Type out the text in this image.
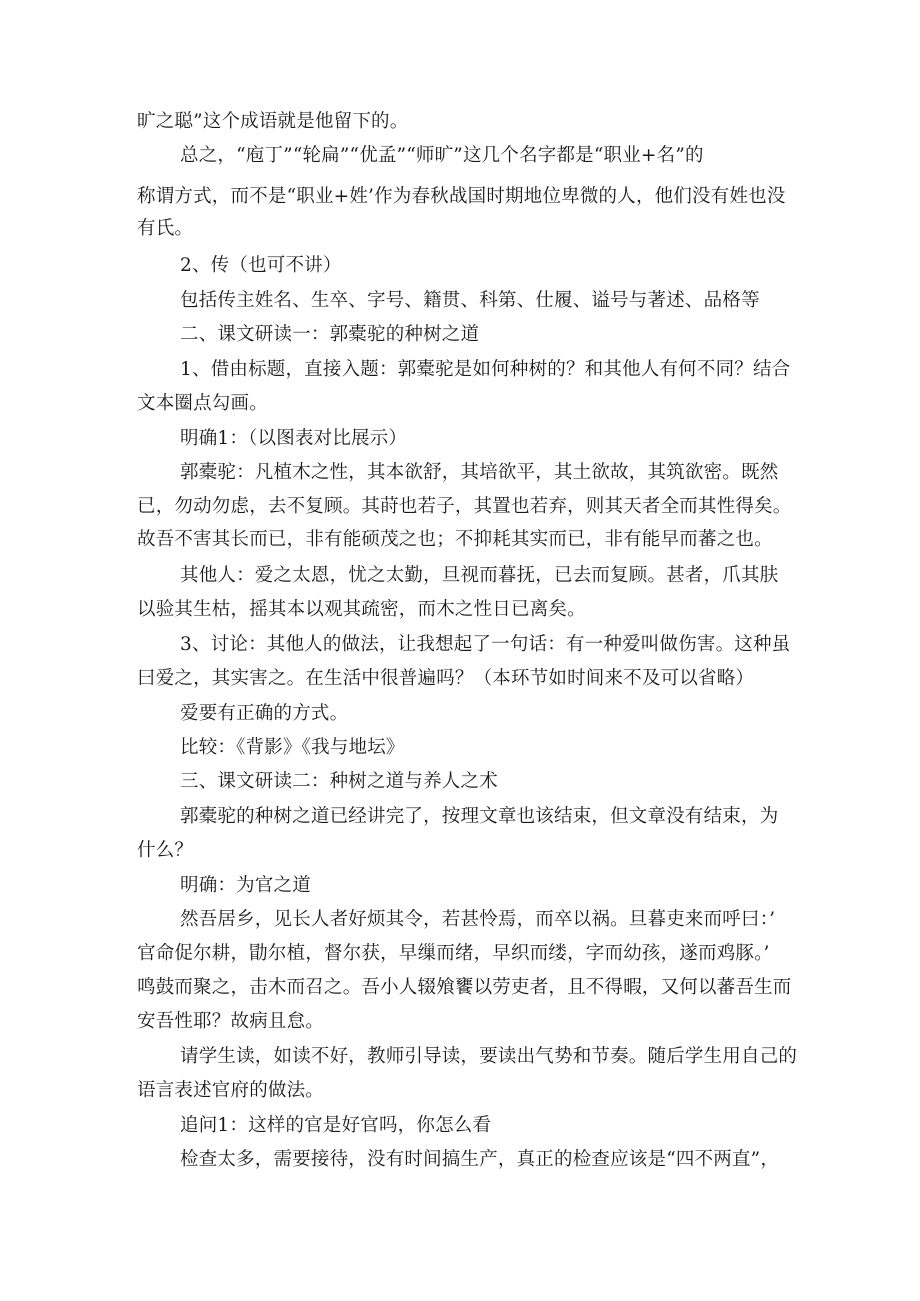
旷之聪”这个成语就是他留下的。
总之，“庖丁”“轮扁”“优孟”“师旷”这几个名字都是“职业+名”的
称谓方式，而不是“职业+姓’作为春秋战国时期地位卑微的人，他们没有姓也没
有氏。
2、传（也可不讲）
包括传主姓名、生卒、字号、籍贯、科第、仕履、谥号与著述、品格等
二、课文研读一：郭橐驼的种树之道
1、借由标题，直接入题：郭橐驼是如何种树的？和其他人有何不同？结合
文本圈点勾画。
明确1：（以图表对比展示）
郭橐驼：凡植木之性，其本欲舒，其培欲平，其土欲故，其筑欲密。既然
已，勿动勿虑，去不复顾。其莳也若子，其置也若弃，则其天者全而其性得矣。
故吾不害其长而已，非有能硕茂之也；不抑耗其实而已，非有能早而蕃之也。
其他人：爱之太恩，忧之太勤，旦视而暮抚，已去而复顾。甚者，爪其肤
以验其生枯，摇其本以观其疏密，而木之性日已离矣。
3、讨论：其他人的做法，让我想起了一句话：有一种爱叫做伤害。这种虽
曰爱之，其实害之。在生活中很普遍吗？（本环节如时间来不及可以省略）
爱要有正确的方式。
比较：《背影》《我与地坛》
三、课文研读二：种树之道与养人之术
郭橐驼的种树之道已经讲完了，按理文章也该结束，但文章没有结束，为
什么？
明确：为官之道
然吾居乡，见长人者好烦其令，若甚怜焉，而卒以祸。旦暮吏来而呼曰：’
官命促尔耕，勖尔植，督尔获，早缫而绪，早织而缕，字而幼孩，遂而鸡豚。’
鸣鼓而聚之，击木而召之。吾小人辍飧饔以劳吏者，且不得暇，又何以蕃吾生而
安吾性耶？故病且怠。
请学生读，如读不好，教师引导读，要读出气势和节奏。随后学生用自己的
语言表述官府的做法。
追问1：这样的官是好官吗，你怎么看
检查太多，需要接待，没有时间搞生产，真正的检查应该是“四不两直”，
